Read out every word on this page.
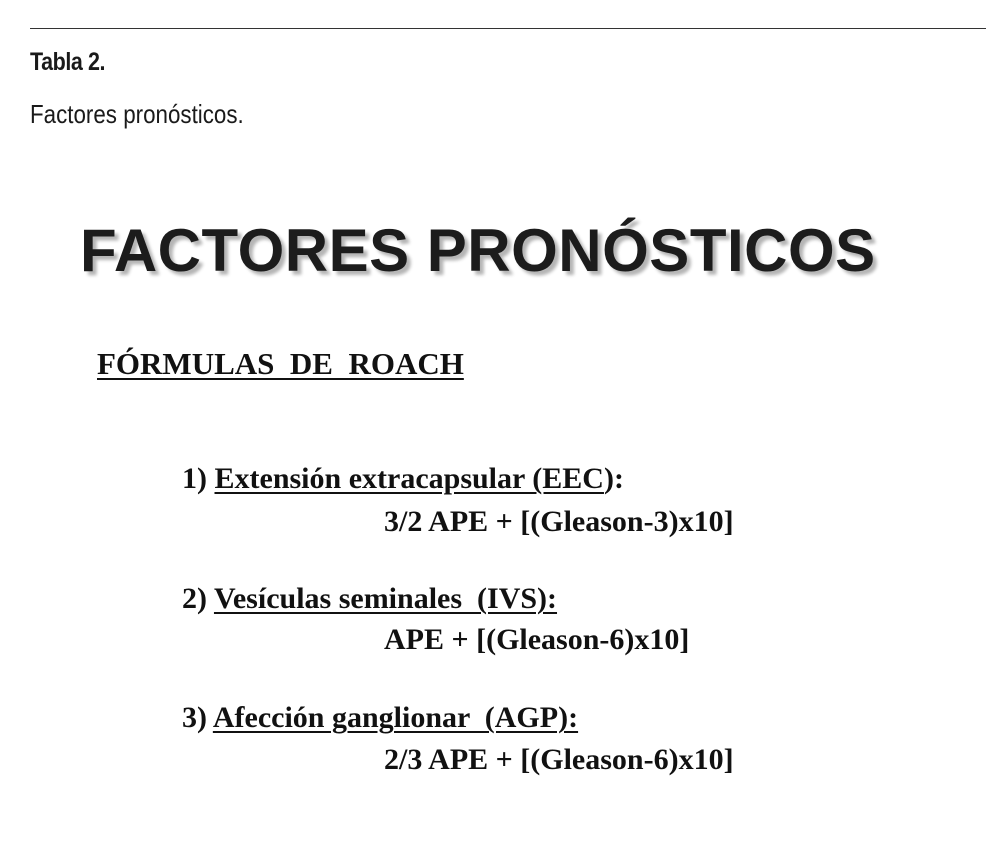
Tabla 2.
Factores pronósticos.
FACTORES PRONÓSTICOS
FÓRMULAS  DE  ROACH
1) Extensión extracapsular (EEC):
3/2 APE + [(Gleason-3)x10]
2) Vesículas seminales  (IVS):
APE + [(Gleason-6)x10]
3) Afección ganglionar  (AGP):
2/3 APE + [(Gleason-6)x10]
